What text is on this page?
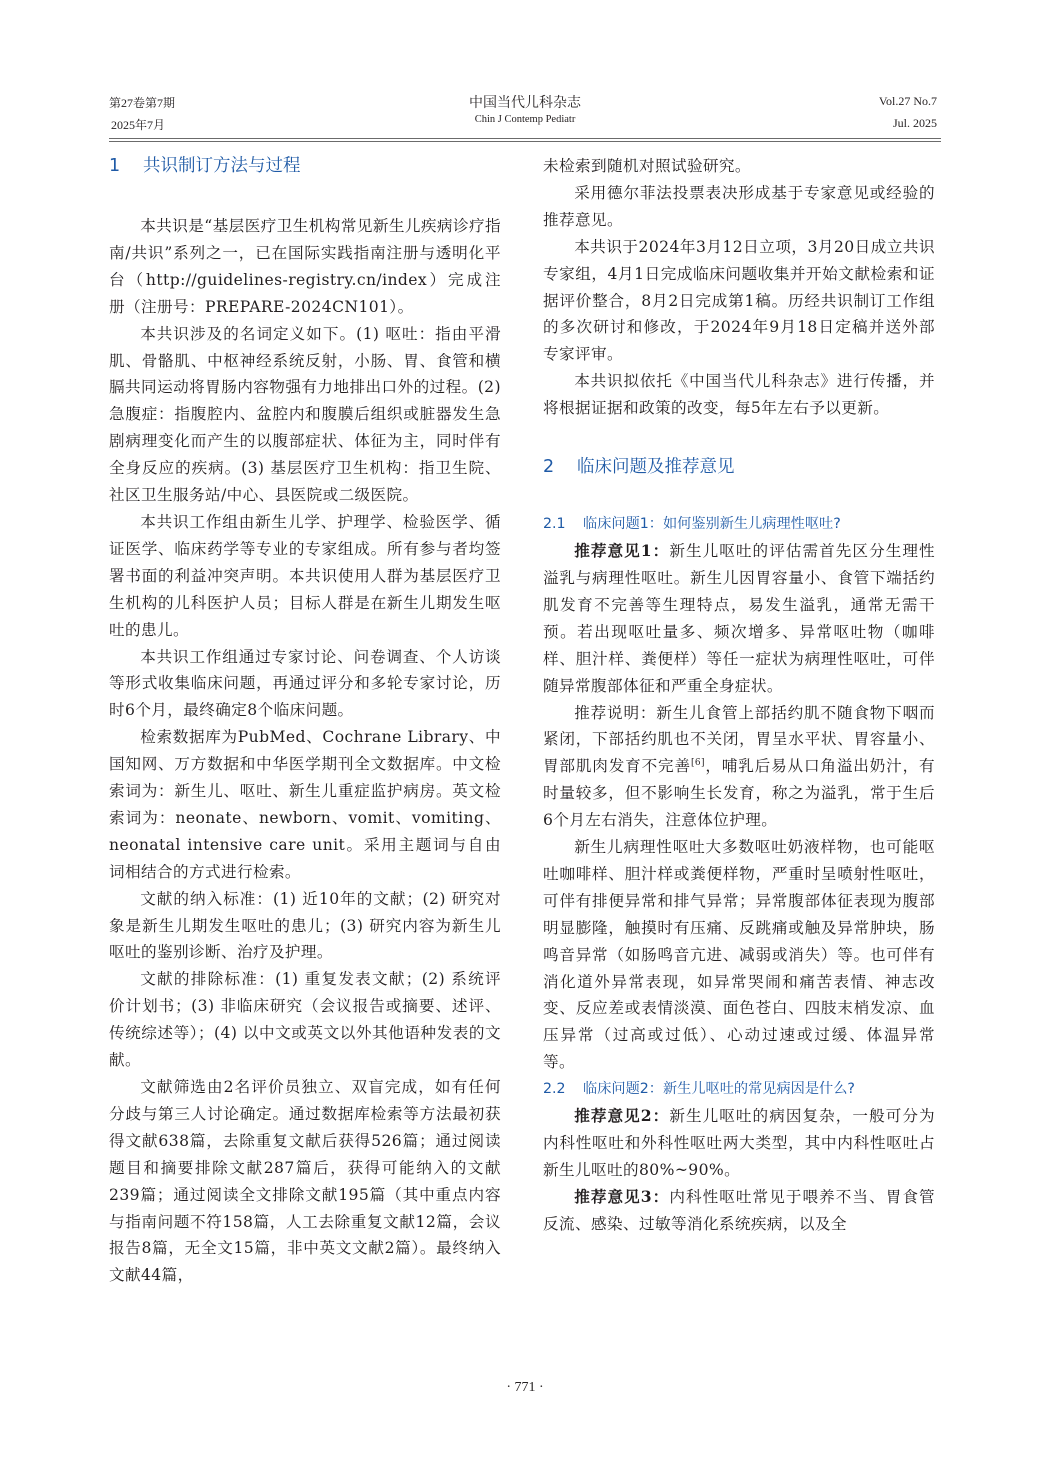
第27卷第7期
2025年7月
中国当代儿科杂志
Chin J Contemp Pediatr
Vol.27 No.7
Jul. 2025
1 共识制订方法与过程

本共识是“基层医疗卫生机构常见新生儿疾病诊疗指南/共识”系列之一，已在国际实践指南注册与透明化平台（http://guidelines-registry.cn/index）完成注册（注册号：PREPARE-2024CN101）。

本共识涉及的名词定义如下。(1) 呕吐：指由平滑肌、骨骼肌、中枢神经系统反射，小肠、胃、食管和横膈共同运动将胃肠内容物强有力地排出口外的过程。(2) 急腹症：指腹腔内、盆腔内和腹膜后组织或脏器发生急剧病理变化而产生的以腹部症状、体征为主，同时伴有全身反应的疾病。(3) 基层医疗卫生机构：指卫生院、社区卫生服务站/中心、县医院或二级医院。

本共识工作组由新生儿学、护理学、检验医学、循证医学、临床药学等专业的专家组成。所有参与者均签署书面的利益冲突声明。本共识使用人群为基层医疗卫生机构的儿科医护人员；目标人群是在新生儿期发生呕吐的患儿。

本共识工作组通过专家讨论、问卷调查、个人访谈等形式收集临床问题，再通过评分和多轮专家讨论，历时6个月，最终确定8个临床问题。

检索数据库为PubMed、Cochrane Library、中国知网、万方数据和中华医学期刊全文数据库。中文检索词为：新生儿、呕吐、新生儿重症监护病房。英文检索词为：neonate、newborn、vomit、vomiting、neonatal intensive care unit。采用主题词与自由词相结合的方式进行检索。

文献的纳入标准：(1) 近10年的文献；(2) 研究对象是新生儿期发生呕吐的患儿；(3) 研究内容为新生儿呕吐的鉴别诊断、治疗及护理。

文献的排除标准：(1) 重复发表文献；(2) 系统评价计划书；(3) 非临床研究（会议报告或摘要、述评、传统综述等）；(4) 以中文或英文以外其他语种发表的文献。

文献筛选由2名评价员独立、双盲完成，如有任何分歧与第三人讨论确定。通过数据库检索等方法最初获得文献638篇，去除重复文献后获得526篇；通过阅读题目和摘要排除文献287篇后，获得可能纳入的文献239篇；通过阅读全文排除文献195篇（其中重点内容与指南问题不符158篇，人工去除重复文献12篇，会议报告8篇，无全文15篇，非中英文文献2篇）。最终纳入文献44篇，

未检索到随机对照试验研究。

采用德尔菲法投票表决形成基于专家意见或经验的推荐意见。

本共识于2024年3月12日立项，3月20日成立共识专家组，4月1日完成临床问题收集并开始文献检索和证据评价整合，8月2日完成第1稿。历经共识制订工作组的多次研讨和修改，于2024年9月18日定稿并送外部专家评审。

本共识拟依托《中国当代儿科杂志》进行传播，并将根据证据和政策的改变，每5年左右予以更新。

2 临床问题及推荐意见
2.1 临床问题1：如何鉴别新生儿病理性呕吐?

推荐意见1：新生儿呕吐的评估需首先区分生理性溢乳与病理性呕吐。新生儿因胃容量小、食管下端括约肌发育不完善等生理特点，易发生溢乳，通常无需干预。若出现呕吐量多、频次增多、异常呕吐物（咖啡样、胆汁样、粪便样）等任一症状为病理性呕吐，可伴随异常腹部体征和严重全身症状。

推荐说明：新生儿食管上部括约肌不随食物下咽而紧闭，下部括约肌也不关闭，胃呈水平状、胃容量小、胃部肌肉发育不完善[6]，哺乳后易从口角溢出奶汁，有时量较多，但不影响生长发育，称之为溢乳，常于生后6个月左右消失，注意体位护理。

新生儿病理性呕吐大多数呕吐奶液样物，也可能呕吐咖啡样、胆汁样或粪便样物，严重时呈喷射性呕吐，可伴有排便异常和排气异常；异常腹部体征表现为腹部明显膨隆，触摸时有压痛、反跳痛或触及异常肿块，肠鸣音异常（如肠鸣音亢进、减弱或消失）等。也可伴有消化道外异常表现，如异常哭闹和痛苦表情、神志改变、反应差或表情淡漠、面色苍白、四肢末梢发凉、血压异常（过高或过低）、心动过速或过缓、体温异常等。

2.2 临床问题2：新生儿呕吐的常见病因是什么?

推荐意见2：新生儿呕吐的病因复杂，一般可分为内科性呕吐和外科性呕吐两大类型，其中内科性呕吐占新生儿呕吐的80%~90%。

推荐意见3：内科性呕吐常见于喂养不当、胃食管反流、感染、过敏等消化系统疾病，以及全

· 771 ·
